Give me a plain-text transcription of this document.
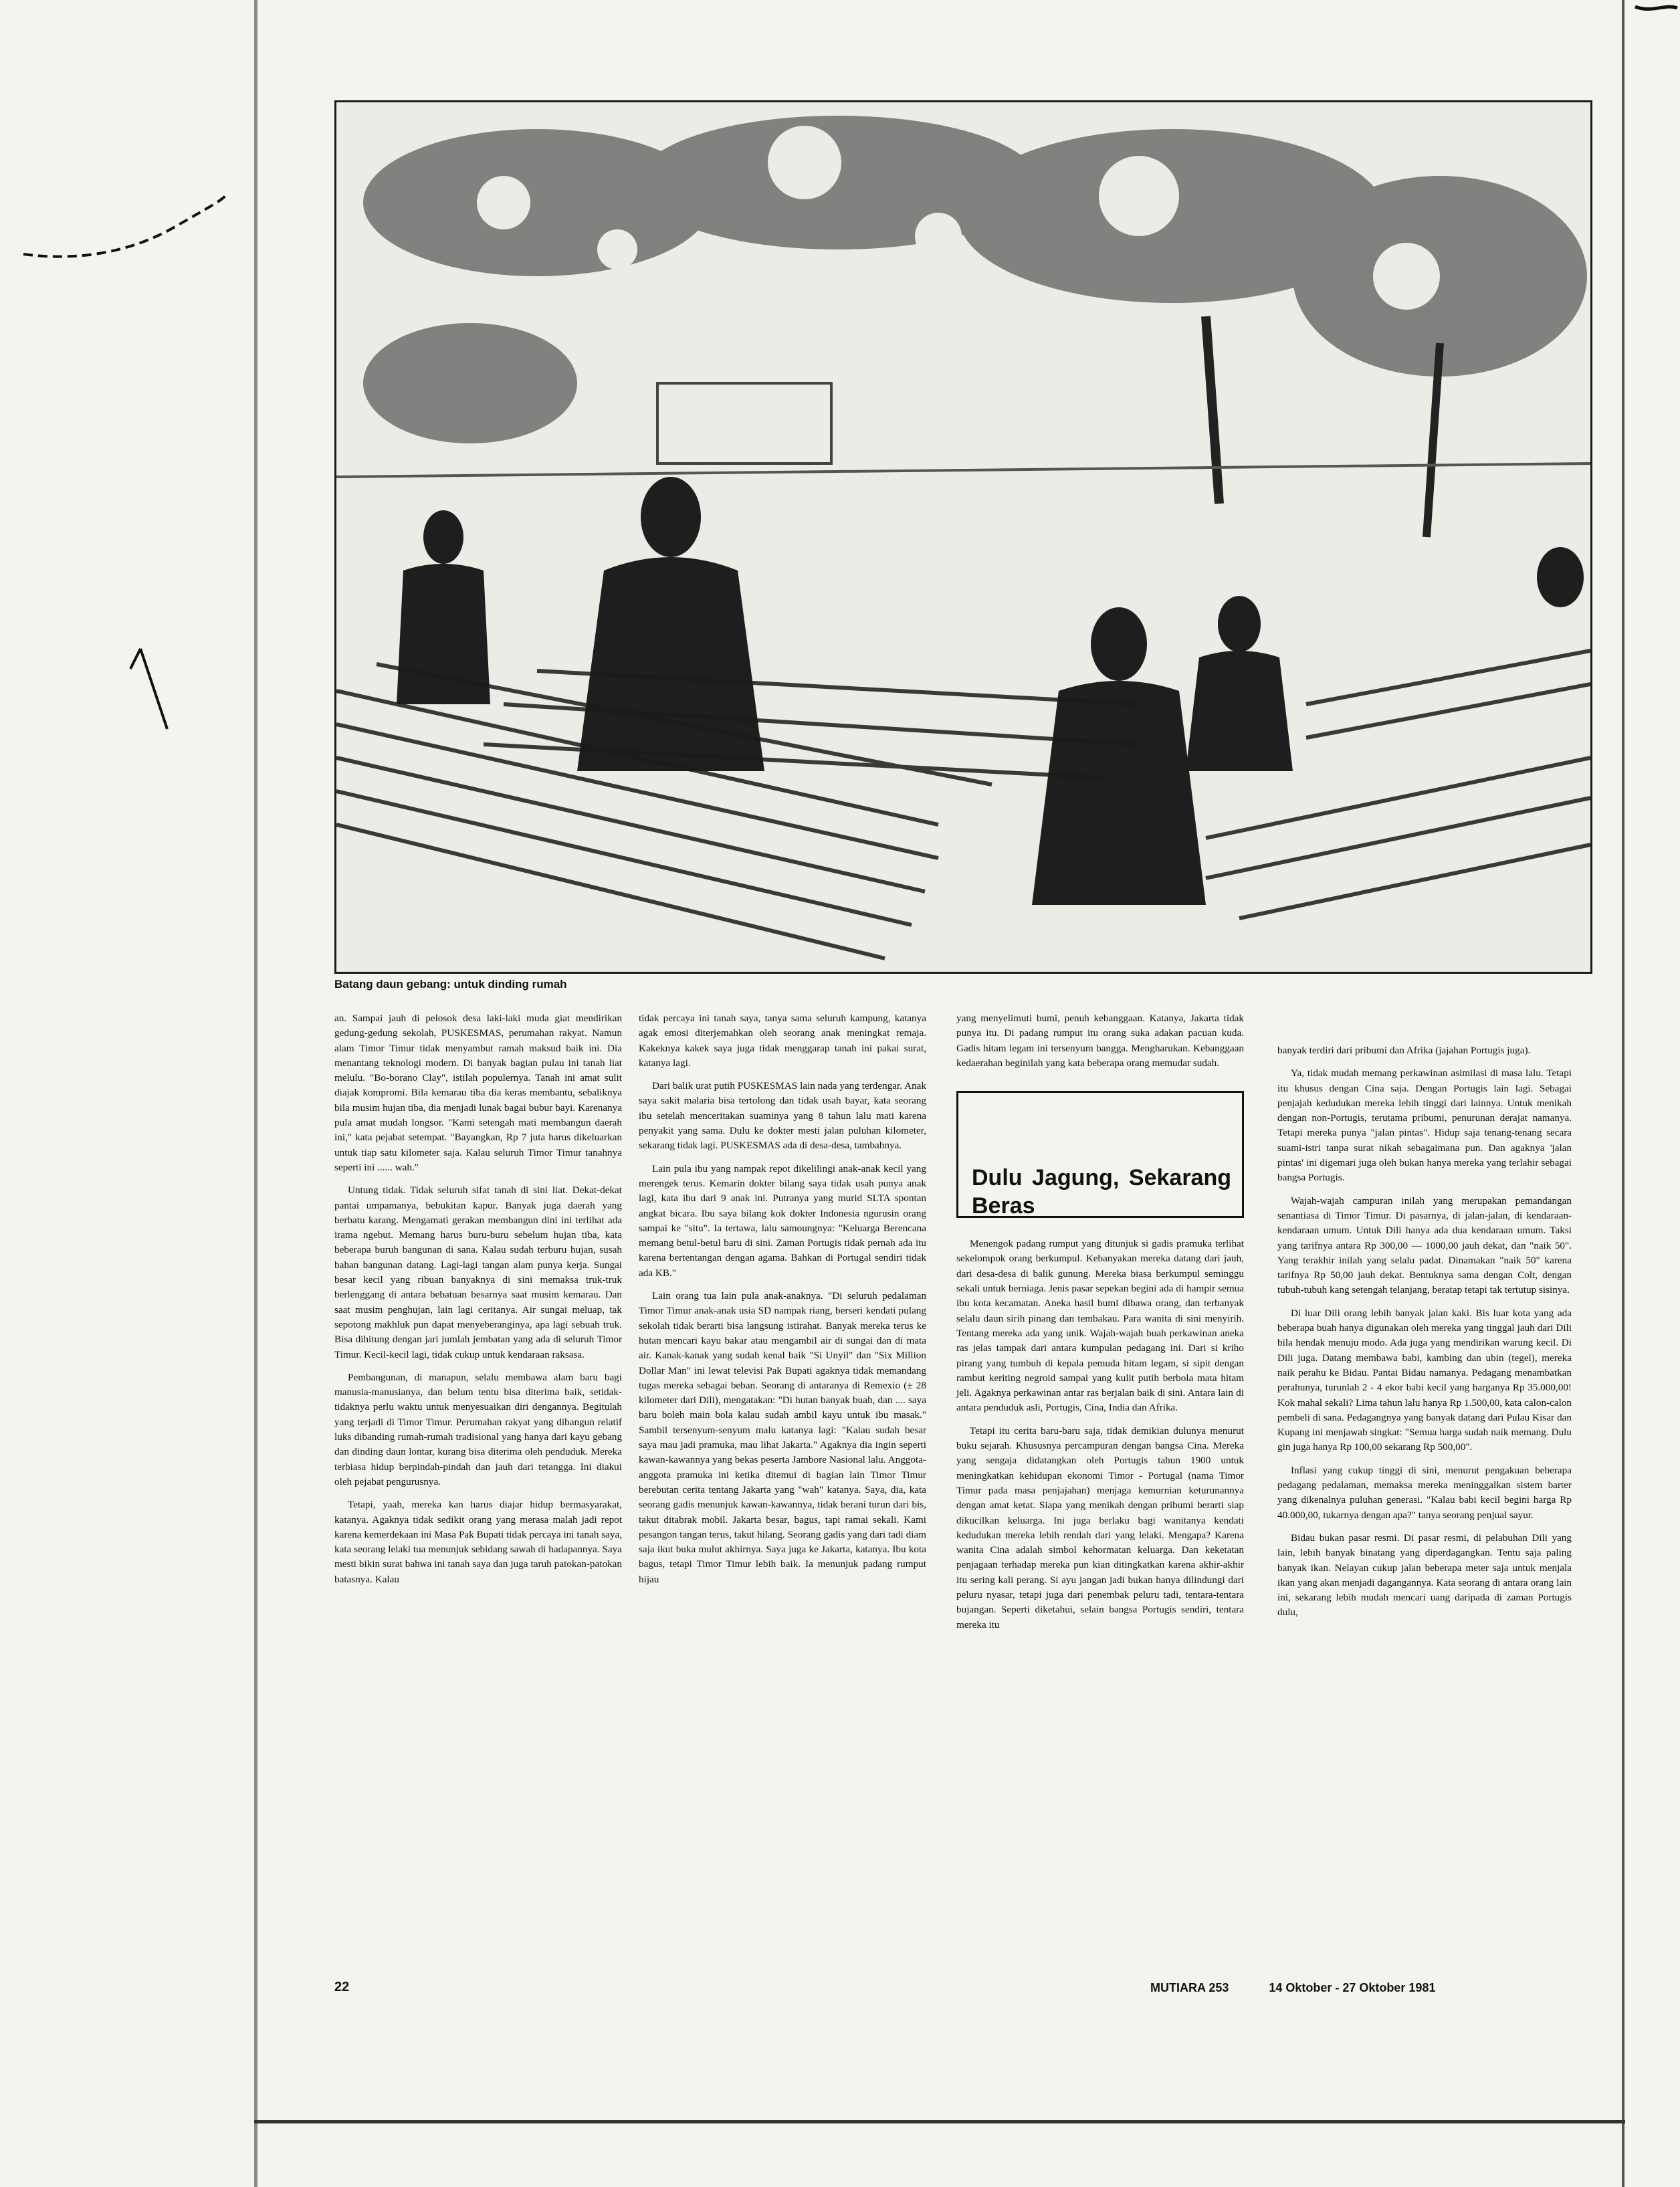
Batang daun gebang: untuk dinding rumah

an. Sampai jauh di pelosok desa laki-laki muda giat mendirikan gedung-gedung sekolah, PUSKESMAS, perumahan rakyat. Namun alam Timor Timur tidak menyambut ramah maksud baik ini. Dia menantang teknologi modern. Di banyak bagian pulau ini tanah liat melulu. "Bo-borano Clay", istilah populernya. Tanah ini amat sulit diajak kompromi. Bila kemarau tiba dia keras membantu, sebaliknya bila musim hujan tiba, dia menjadi lunak bagai bubur bayi. Karenanya pula amat mudah longsor. "Kami setengah mati membangun daerah ini," kata pejabat setempat. "Bayangkan, Rp 7 juta harus dikeluarkan untuk tiap satu kilometer saja. Kalau seluruh Timor Timur tanahnya seperti ini ...... wah."

Untung tidak. Tidak seluruh sifat tanah di sini liat. Dekat-dekat pantai umpamanya, bebukitan kapur. Banyak juga daerah yang berbatu karang. Mengamati gerakan membangun dini ini terlihat ada irama ngebut. Memang harus buru-buru sebelum hujan tiba, kata beberapa buruh bangunan di sana. Kalau sudah terburu hujan, susah bahan bangunan datang. Lagi-lagi tangan alam punya kerja. Sungai besar kecil yang ribuan banyaknya di sini memaksa truk-truk berlenggang di antara bebatuan besarnya saat musim kemarau. Dan saat musim penghujan, lain lagi ceritanya. Air sungai meluap, tak sepotong makhluk pun dapat menyeberanginya, apa lagi sebuah truk. Bisa dihitung dengan jari jumlah jembatan yang ada di seluruh Timor Timur. Kecil-kecil lagi, tidak cukup untuk kendaraan raksasa.

Pembangunan, di manapun, selalu membawa alam baru bagi manusia-manusianya, dan belum tentu bisa diterima baik, setidak-tidaknya perlu waktu untuk menyesuaikan diri dengannya. Begitulah yang terjadi di Timor Timur. Perumahan rakyat yang dibangun relatif luks dibanding rumah-rumah tradisional yang hanya dari kayu gebang dan dinding daun lontar, kurang bisa diterima oleh penduduk. Mereka terbiasa hidup berpindah-pindah dan jauh dari tetangga. Ini diakui oleh pejabat pengurusnya.

Tetapi, yaah, mereka kan harus diajar hidup bermasyarakat, katanya. Agaknya tidak sedikit orang yang merasa malah jadi repot karena kemerdekaan ini Masa Pak Bupati tidak percaya ini tanah saya, kata seorang lelaki tua menunjuk sebidang sawah di hadapannya. Saya mesti bikin surat bahwa ini tanah saya dan juga taruh patokan-patokan batasnya. Kalau

tidak percaya ini tanah saya, tanya sama seluruh kampung, katanya agak emosi diterjemahkan oleh seorang anak meningkat remaja. Kakeknya kakek saya juga tidak menggarap tanah ini pakai surat, katanya lagi.

Dari balik urat putih PUSKESMAS lain nada yang terdengar. Anak saya sakit malaria bisa tertolong dan tidak usah bayar, kata seorang ibu setelah menceritakan suaminya yang 8 tahun lalu mati karena penyakit yang sama. Dulu ke dokter mesti jalan puluhan kilometer, sekarang tidak lagi. PUSKESMAS ada di desa-desa, tambahnya.

Lain pula ibu yang nampak repot dikelilingi anak-anak kecil yang merengek terus. Kemarin dokter bilang saya tidak usah punya anak lagi, kata ibu dari 9 anak ini. Putranya yang murid SLTA spontan angkat bicara. Ibu saya bilang kok dokter Indonesia ngurusin orang sampai ke "situ". Ia tertawa, lalu samoungnya: "Keluarga Berencana memang betul-betul baru di sini. Zaman Portugis tidak pernah ada itu karena bertentangan dengan agama. Bahkan di Portugal sendiri tidak ada KB."

Lain orang tua lain pula anak-anaknya. "Di seluruh pedalaman Timor Timur anak-anak usia SD nampak riang, berseri kendati pulang sekolah tidak berarti bisa langsung istirahat. Banyak mereka terus ke hutan mencari kayu bakar atau mengambil air di sungai dan di mata air. Kanak-kanak yang sudah kenal baik "Si Unyil" dan "Six Million Dollar Man" ini lewat televisi Pak Bupati agaknya tidak memandang tugas mereka sebagai beban. Seorang di antaranya di Remexio (± 28 kilometer dari Dili), mengatakan: "Di hutan banyak buah, dan .... saya baru boleh main bola kalau sudah ambil kayu untuk ibu masak." Sambil tersenyum-senyum malu katanya lagi: "Kalau sudah besar saya mau jadi pramuka, mau lihat Jakarta." Agaknya dia ingin seperti kawan-kawannya yang bekas peserta Jambore Nasional lalu. Anggota-anggota pramuka ini ketika ditemui di bagian lain Timor Timur berebutan cerita tentang Jakarta yang "wah" katanya. Saya, dia, kata seorang gadis menunjuk kawan-kawannya, tidak berani turun dari bis, takut ditabrak mobil. Jakarta besar, bagus, tapi ramai sekali. Kami pesangon tangan terus, takut hilang. Seorang gadis yang dari tadi diam saja ikut buka mulut akhirnya. Saya juga ke Jakarta, katanya. Ibu kota bagus, tetapi Timor Timur lebih baik. Ia menunjuk padang rumput hijau

yang menyelimuti bumi, penuh kebanggaan. Katanya, Jakarta tidak punya itu. Di padang rumput itu orang suka adakan pacuan kuda. Gadis hitam legam ini tersenyum bangga. Mengharukan. Kebanggaan kedaerahan beginilah yang kata beberapa orang memudar sudah.

Dulu Jagung, Sekarang Beras

Menengok padang rumput yang ditunjuk si gadis pramuka terlihat sekelompok orang berkumpul. Kebanyakan mereka datang dari jauh, dari desa-desa di balik gunung. Mereka biasa berkumpul seminggu sekali untuk berniaga. Jenis pasar sepekan begini ada di hampir semua ibu kota kecamatan. Aneka hasil bumi dibawa orang, dan terbanyak selalu daun sirih pinang dan tembakau. Para wanita di sini menyirih. Tentang mereka ada yang unik. Wajah-wajah buah perkawinan aneka ras jelas tampak dari antara kumpulan pedagang ini. Dari si kriho pirang yang tumbuh di kepala pemuda hitam legam, si sipit dengan rambut keriting negroid sampai yang kulit putih berbola mata hitam jeli. Agaknya perkawinan antar ras berjalan baik di sini. Antara lain di antara penduduk asli, Portugis, Cina, India dan Afrika.

Tetapi itu cerita baru-baru saja, tidak demikian dulunya menurut buku sejarah. Khususnya percampuran dengan bangsa Cina. Mereka yang sengaja didatangkan oleh Portugis tahun 1900 untuk meningkatkan kehidupan ekonomi Timor - Portugal (nama Timor Timur pada masa penjajahan) menjaga kemurnian keturunannya dengan amat ketat. Siapa yang menikah dengan pribumi berarti siap dikucilkan keluarga. Ini juga berlaku bagi wanitanya kendati kedudukan mereka lebih rendah dari yang lelaki. Mengapa? Karena wanita Cina adalah simbol kehormatan keluarga. Dan keketatan penjagaan terhadap mereka pun kian ditingkatkan karena akhir-akhir itu sering kali perang. Si ayu jangan jadi bukan hanya dilindungi dari peluru nyasar, tetapi juga dari penembak peluru tadi, tentara-tentara bujangan. Seperti diketahui, selain bangsa Portugis sendiri, tentara mereka itu

banyak terdiri dari pribumi dan Afrika (jajahan Portugis juga).

Ya, tidak mudah memang perkawinan asimilasi di masa lalu. Tetapi itu khusus dengan Cina saja. Dengan Portugis lain lagi. Sebagai penjajah kedudukan mereka lebih tinggi dari lainnya. Untuk menikah dengan non-Portugis, terutama pribumi, penurunan derajat namanya. Tetapi mereka punya "jalan pintas". Hidup saja tenang-tenang secara suami-istri tanpa surat nikah sebagaimana pun. Dan agaknya 'jalan pintas' ini digemari juga oleh bukan hanya mereka yang terlahir sebagai bangsa Portugis.

Wajah-wajah campuran inilah yang merupakan pemandangan senantiasa di Timor Timur. Di pasarnya, di jalan-jalan, di kendaraan-kendaraan umum. Untuk Dili hanya ada dua kendaraan umum. Taksi yang tarifnya antara Rp 300,00 — 1000,00 jauh dekat, dan "naik 50". Yang terakhir inilah yang selalu padat. Dinamakan "naik 50" karena tarifnya Rp 50,00 jauh dekat. Bentuknya sama dengan Colt, dengan tubuh-tubuh kang setengah telanjang, beratap tetapi tak tertutup sisinya.

Di luar Dili orang lebih banyak jalan kaki. Bis luar kota yang ada beberapa buah hanya digunakan oleh mereka yang tinggal jauh dari Dili bila hendak menuju modo. Ada juga yang mendirikan warung kecil. Di Dili juga. Datang membawa babi, kambing dan ubin (tegel), mereka naik perahu ke Bidau. Pantai Bidau namanya. Pedagang menambatkan perahunya, turunlah 2 - 4 ekor babi kecil yang harganya Rp 35.000,00! Kok mahal sekali? Lima tahun lalu hanya Rp 1.500,00, kata calon-calon pembeli di sana. Pedagangnya yang banyak datang dari Pulau Kisar dan Kupang ini menjawab singkat: "Semua harga sudah naik memang. Dulu gin juga hanya Rp 100,00 sekarang Rp 500,00".

Inflasi yang cukup tinggi di sini, menurut pengakuan beberapa pedagang pedalaman, memaksa mereka meninggalkan sistem barter yang dikenalnya puluhan generasi. "Kalau babi kecil begini harga Rp 40.000,00, tukarnya dengan apa?" tanya seorang penjual sayur.

Bidau bukan pasar resmi. Di pasar resmi, di pelabuhan Dili yang lain, lebih banyak binatang yang diperdagangkan. Tentu saja paling banyak ikan. Nelayan cukup jalan beberapa meter saja untuk menjala ikan yang akan menjadi dagangannya. Kata seorang di antara orang lain ini, sekarang lebih mudah mencari uang daripada di zaman Portugis dulu,

22	MUTIARA 253	14 Oktober - 27 Oktober 1981
